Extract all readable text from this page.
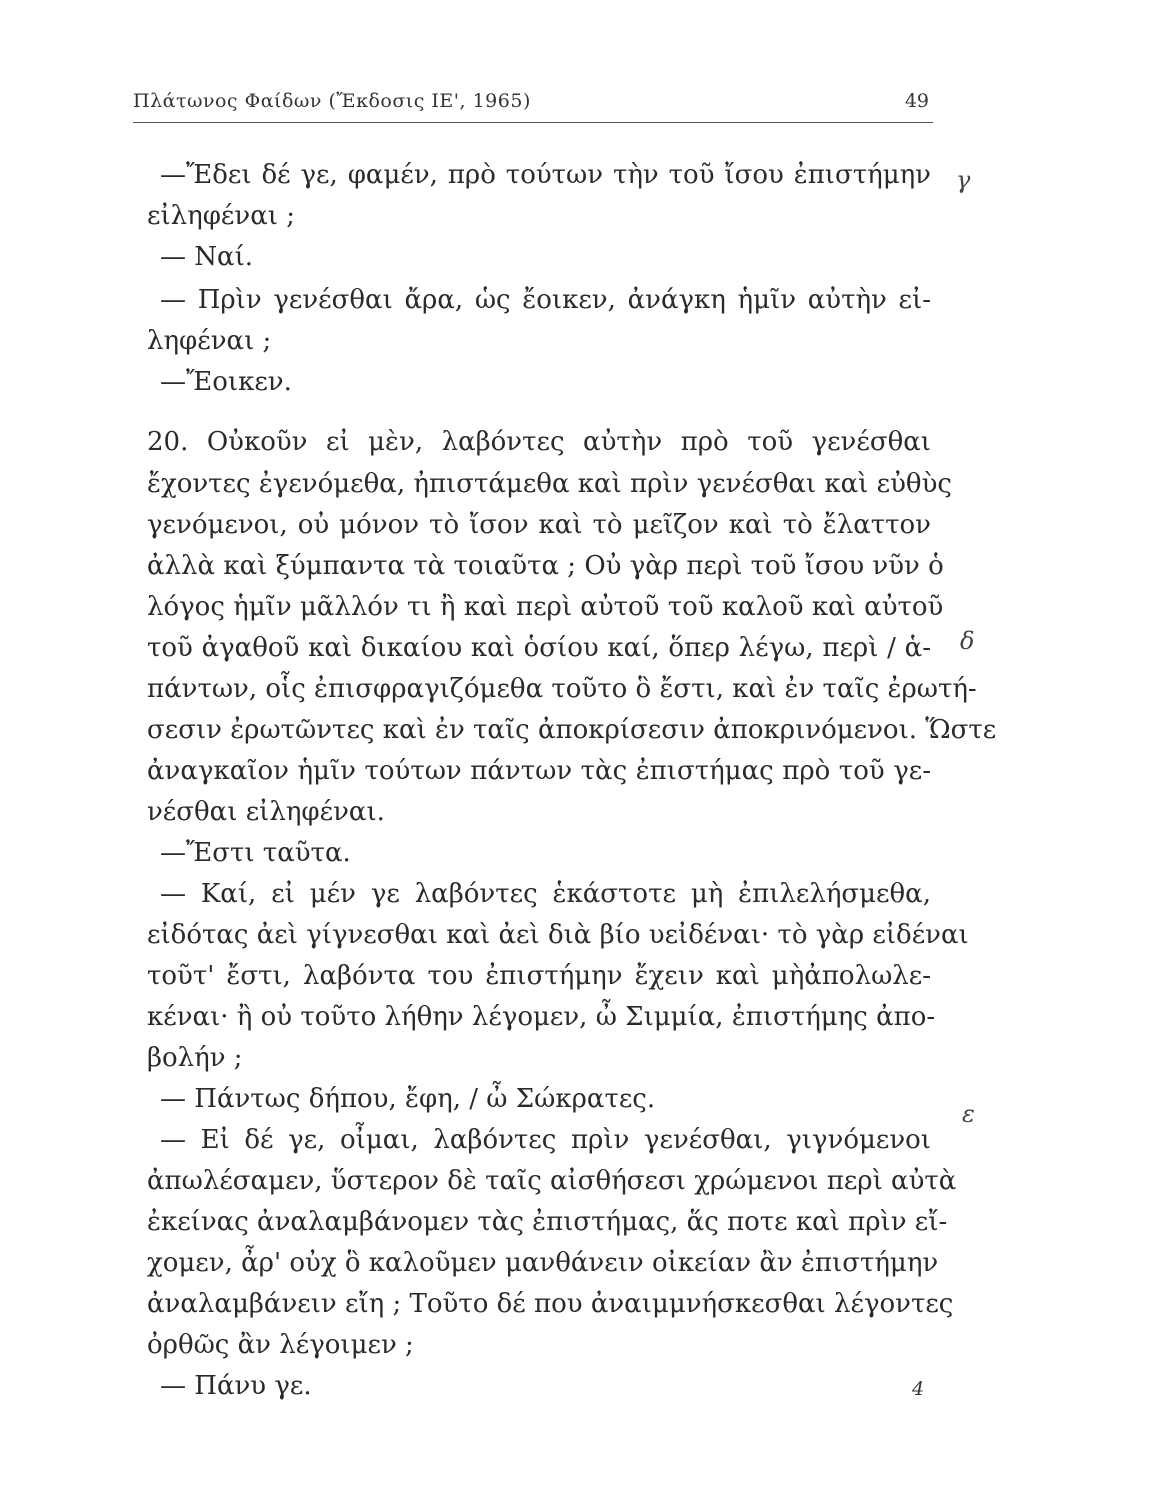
Πλάτωνος Φαίδων (Ἔκδοσις ΙΕ', 1965)	49
γ
δ
ε
—Ἔδει δέ γε, φαμέν, πρὸ τούτων τὴν τοῦ ἴσου ἐπιστήμην
εἰληφέναι ;
— Ναί.
— Πρὶν γενέσθαι ἄρα, ὡς ἔοικεν, ἀνάγκη ἡμῖν αὐτὴν εἰ-
ληφέναι ;
—Ἔοικεν.
20. Οὐκοῦν εἰ μὲν, λαβόντες αὐτὴν πρὸ τοῦ γενέσθαι
ἔχοντες ἐγενόμεθα, ἠπιστάμεθα καὶ πρὶν γενέσθαι καὶ εὐθὺς
γενόμενοι, οὐ μόνον τὸ ἴσον καὶ τὸ μεῖζον καὶ τὸ ἔλαττον
ἀλλὰ καὶ ξύμπαντα τὰ τοιαῦτα ; Οὐ γὰρ περὶ τοῦ ἴσου νῦν ὁ
λόγος ἡμῖν μᾶλλόν τι ἢ καὶ περὶ αὐτοῦ τοῦ καλοῦ καὶ αὐτοῦ
τοῦ ἀγαθοῦ καὶ δικαίου καὶ ὁσίου καί, ὅπερ λέγω, περὶ / ἁ-
πάντων, οἷς ἐπισφραγιζόμεθα τοῦτο ὃ ἔστι, καὶ ἐν ταῖς ἐρωτή-
σεσιν ἐρωτῶντες καὶ ἐν ταῖς ἀποκρίσεσιν ἀποκρινόμενοι. Ὥστε
ἀναγκαῖον ἡμῖν τούτων πάντων τὰς ἐπιστήμας πρὸ τοῦ γε-
νέσθαι εἰληφέναι.
—Ἔστι ταῦτα.
— Καί, εἰ μέν γε λαβόντες ἑκάστοτε μὴ ἐπιλελήσμεθα,
εἰδότας ἀεὶ γίγνεσθαι καὶ ἀεὶ διὰ βίο υεἰδέναι· τὸ γὰρ εἰδέναι
τοῦτ' ἔστι, λαβόντα του ἐπιστήμην ἔχειν καὶ μὴἀπολωλε-
κέναι· ἢ οὐ τοῦτο λήθην λέγομεν, ὦ Σιμμία, ἐπιστήμης ἀπο-
βολήν ;
— Πάντως δήπου, ἔφη, / ὦ Σώκρατες.
— Εἰ δέ γε, οἶμαι, λαβόντες πρὶν γενέσθαι, γιγνόμενοι
ἀπωλέσαμεν, ὕστερον δὲ ταῖς αἰσθήσεσι χρώμενοι περὶ αὐτὰ
ἐκείνας ἀναλαμβάνομεν τὰς ἐπιστήμας, ἅς ποτε καὶ πρὶν εἴ-
χομεν, ἆρ' οὐχ ὃ καλοῦμεν μανθάνειν οἰκείαν ἂν ἐπιστήμην
ἀναλαμβάνειν εἴη ; Τοῦτο δέ που ἀναιμμνήσκεσθαι λέγοντες
ὀρθῶς ἂν λέγοιμεν ;
— Πάνυ γε.	4
